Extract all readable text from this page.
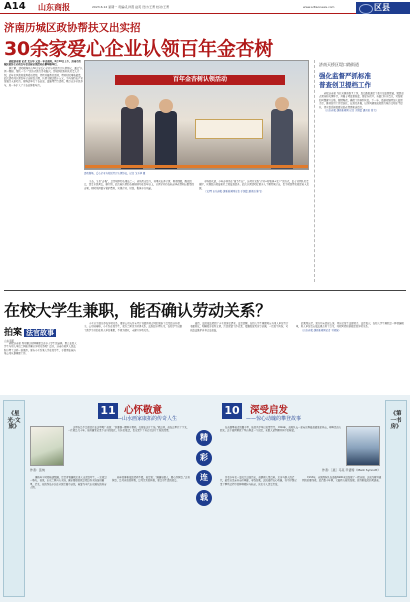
A14 山东商报	2023.6.12 星期一 责编/孔祥霄 赵英 设计/王菁 校对/王菁	www.sdtaonews.com	区县
济南历城区政协帮扶又出实招
30余家爱心企业认领百年金杏树

商报济南讯 记者 戈玉华 又是一年杏黄时。6月10日上午，济南市历城区政协主办的百年金杏树认领活动在柳埠镇举行。

据了解，活动现场共有30余家爱心企业与村民签订认领协议，通过“认领一棵树、帮扶一个户”的方式助力乡村振兴。历城区政协相关负责人介绍，近年来区政协发挥委员优势，持续开展帮扶活动，带动村民增收致富，此次活动共认领百年金杏树百余棵，认领金额达数十万元，为当地特色产业发展注入新动力。现场还举行了杏品尝、直播带货等活动，吸引众多市民参与，进一步扩大了金杏品牌影响力。

百年金杏树认领活动
活动现场，爱心企业与村民签订认领协议。记者 戈玉华 摄

金杏，又名“杏梅”，是历城区特色果品之一，栽培历史悠久，其果实色泽金黄、果肉细腻、酸甜适口，深受市民喜爱。据介绍，此次被认领的杏树树龄均在百年以上，认领企业将在收获季获得相应数量的杏果，同时负担部分管护费用，实现企业、村民、集体多方共赢。

市场的欢迎，今年杏林正在“拔节生长”，该项目采取“企业+村集体+农户”的方式，由专业团队负责管护，实现经济效益和社会效益双提升。此次认领活动让更多人了解历城金杏，也为村民带来稳定收入来源。

（文/图 山东商报·速新新闻网记者 于国蕾 通讯员 陈飞）

济南天桥区堤口路街道
强化监督严抓标准
普查创卫提档工作

商报济南讯 为扎实推进创卫工作，堤口路街道纪工委立足监督职能，聚焦重点领域和关键环节，开展专项监督检查，督促各社区、各部门压实责任，对发现的问题建立台账、限期整改，确保工作落到实处。下一步，街道将继续加大监督力度，推动创卫工作常态化、长效化开展，以作风建设成效助力城市文明水平提升，切实提高居民群众的获得感和满意度。

（山东商报·速新新闻网 记者 于国蕾 通讯员 张飞）

在校大学生兼职，能否确认劳动关系？
拍案 法官故事
山东商报

商报济南讯 利用课余时间兼职是许多大学生的选择，那么在校大学生与用人单位之间能否确认劳动关系呢？近日，济南市某区人民法院审理了这样一起案件。原告小王系某大学在校学生，于假期在被告某公司从事兼职工作。

小王认为双方存在劳动关系，要求公司支付未签订书面劳动合同的双倍工资及经济补偿金。公司则辩称，小王系在校学生，双方之间仅为劳务关系。法院经审理认为，在校学生以勤工助学为目的在用人单位兼职，不视为就业，未建立劳动关系。

最终，法院依法驳回了小王的诉讼请求。法官提醒，在校大学生兼职时应与用人单位签订书面协议，明确双方权利义务，注意保留工作记录、报酬发放凭证等证据，一旦发生纠纷，可以依法维护自身合法权益。

此案判决后，双方均未提起上诉，判决已发生法律效力。法官表示，在校大学生兼职是一种普遍现象，用人单位也应依法规范用工行为，共同营造和谐稳定的劳动关系。

（山东商报·速新新闻网记者 王晓滨）

《星光·文旅》
《第一书房》
11 心怀敬意
——山水画家康拓的传奇人生
作者：张纯

这里你是不是愿意住在这里呢？他说：“我要像一颗种子那样，扎根在这片土地。”就这样，他在这里住了下来，一住就是几十年。他用画笔记录下山川的变化、村庄的变迁，也记录下了自己对这片土地的深情。

康拓年少时便痴迷绘画，常常背着画板走进大山深处写生，一走就是一整天。他说，山水之间自有天地，画家要做的就是把这份天地装进画里。后来，他的作品多次在全国美展中获奖，被誉为当代山水画坛的传奇人物。

晚年的康拓依然笔耕不辍，他常说：“画画如做人，要心怀敬意。”这份敬意，是对自然的敬畏，是对艺术的执着，更是对生活的热爱。

精
彩
连
载
10 深受启发
——惊心动魄的攀登故事
作者：［美］马克·辛诺特（Mark Synnott）

在英国攀岩者的圈子里，他的名字早已如雷贯耳。1924年，他和队友一起向世界最高峰发起冲击，却再也没有回来。这个谜团困扰了登山界近一个世纪，无数人试图解开其中的秘密。

作者多年来一直关注这段历史，他翻阅大量资料，走访当事人的后代，最终决定亲自前往珠峰，寻找答案。这段旅程惊心动魄，书中详细记录了攀登过程中的种种艰险与收获，读来令人深受启发。

1933年，英国探险队在海拔8400米处发现了一把冰镐，这成为解开谜团的重要线索。此后数十年间，又陆续有新的发现，但真相依然扑朔迷离。
